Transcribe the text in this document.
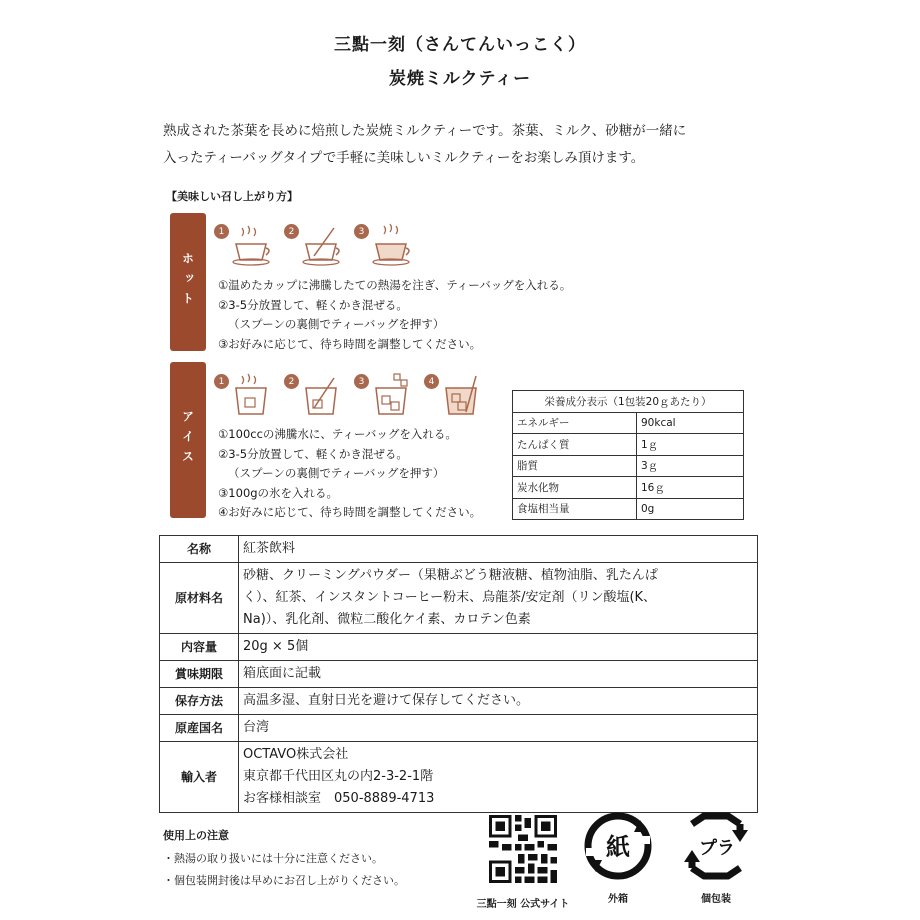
三點一刻（さんてんいっこく）
炭焼ミルクティー
熟成された茶葉を長めに焙煎した炭焼ミルクティーです。茶葉、ミルク、砂糖が一緒に
入ったティーバッグタイプで手軽に美味しいミルクティーをお楽しみ頂けます。
【美味しい召し上がり方】
ホット
1	2	3
①温めたカップに沸騰したての熱湯を注ぎ、ティーバッグを入れる。
②3-5分放置して、軽くかき混ぜる。
（スプーンの裏側でティーバッグを押す）
③お好みに応じて、待ち時間を調整してください。
アイス
1	2	3	4
①100ccの沸騰水に、ティーバッグを入れる。
②3-5分放置して、軽くかき混ぜる。
（スプーンの裏側でティーバッグを押す）
③100gの氷を入れる。
④お好みに応じて、待ち時間を調整してください。
栄養成分表示（1包装20ｇあたり）	
エネルギー	90kcal
たんぱく質	1ｇ
脂質	3ｇ
炭水化物	16ｇ
食塩相当量	0g
名称	紅茶飲料
原材料名	砂糖、クリーミングパウダー（果糖ぶどう糖液糖、植物油脂、乳たんぱ
く）、紅茶、インスタントコーヒー粉末、烏龍茶/安定剤（リン酸塩(K、
Na)）、乳化剤、微粒二酸化ケイ素、カロテン色素

内容量	20g × 5個
賞味期限	箱底面に記載
保存方法	高温多湿、直射日光を避けて保存してください。
原産国名	台湾
輸入者	OCTAVO株式会社
東京都千代田区丸の内2-3-2-1階
お客様相談室　050-8889-4713
使用上の注意
・熱湯の取り扱いには十分に注意ください。
・個包装開封後は早めにお召し上がりください。
三點一刻 公式サイト
紙
外箱
プラ
個包装
